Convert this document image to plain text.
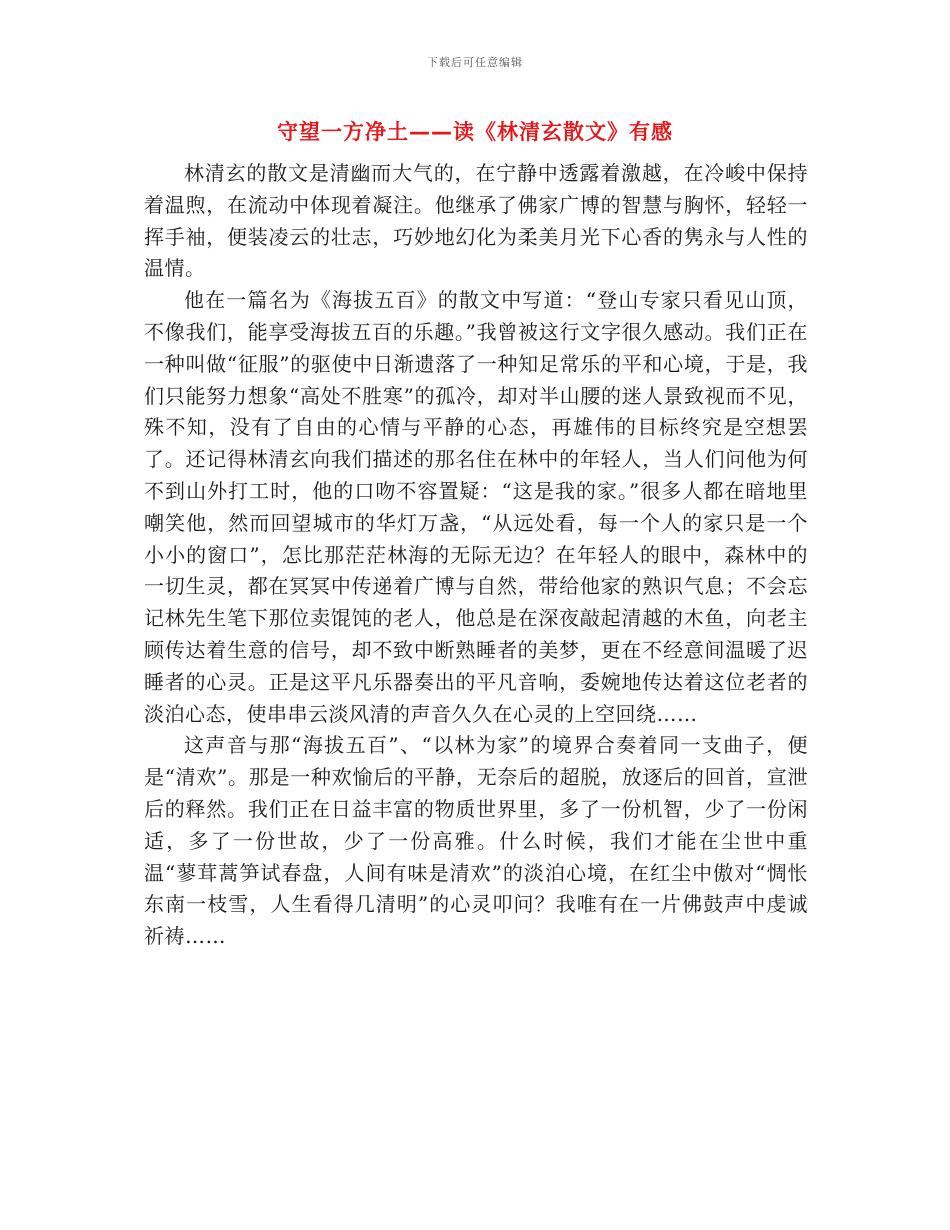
下载后可任意编辑
守望一方净土——读《林清玄散文》有感

林清玄的散文是清幽而大气的，在宁静中透露着激越，在冷峻中保持着温煦，在流动中体现着凝注。他继承了佛家广博的智慧与胸怀，轻轻一挥手袖，便装凌云的壮志，巧妙地幻化为柔美月光下心香的隽永与人性的温情。

他在一篇名为《海拔五百》的散文中写道：“登山专家只看见山顶，不像我们，能享受海拔五百的乐趣。”我曾被这行文字很久感动。我们正在一种叫做“征服”的驱使中日渐遗落了一种知足常乐的平和心境，于是，我们只能努力想象“高处不胜寒”的孤冷，却对半山腰的迷人景致视而不见，殊不知，没有了自由的心情与平静的心态，再雄伟的目标终究是空想罢了。还记得林清玄向我们描述的那名住在林中的年轻人，当人们问他为何不到山外打工时，他的口吻不容置疑：“这是我的家。”很多人都在暗地里嘲笑他，然而回望城市的华灯万盏，“从远处看，每一个人的家只是一个小小的窗口”，怎比那茫茫林海的无际无边？在年轻人的眼中，森林中的一切生灵，都在冥冥中传递着广博与自然，带给他家的熟识气息；不会忘记林先生笔下那位卖馄饨的老人，他总是在深夜敲起清越的木鱼，向老主顾传达着生意的信号，却不致中断熟睡者的美梦，更在不经意间温暖了迟睡者的心灵。正是这平凡乐器奏出的平凡音响，委婉地传达着这位老者的淡泊心态，使串串云淡风清的声音久久在心灵的上空回绕……

这声音与那“海拔五百”、“以林为家”的境界合奏着同一支曲子，便是“清欢”。那是一种欢愉后的平静，无奈后的超脱，放逐后的回首，宣泄后的释然。我们正在日益丰富的物质世界里，多了一份机智，少了一份闲适，多了一份世故，少了一份高雅。什么时候，我们才能在尘世中重温“蓼茸蒿笋试春盘，人间有味是清欢”的淡泊心境，在红尘中傲对“惆怅东南一枝雪，人生看得几清明”的心灵叩问？我唯有在一片佛鼓声中虔诚祈祷……
